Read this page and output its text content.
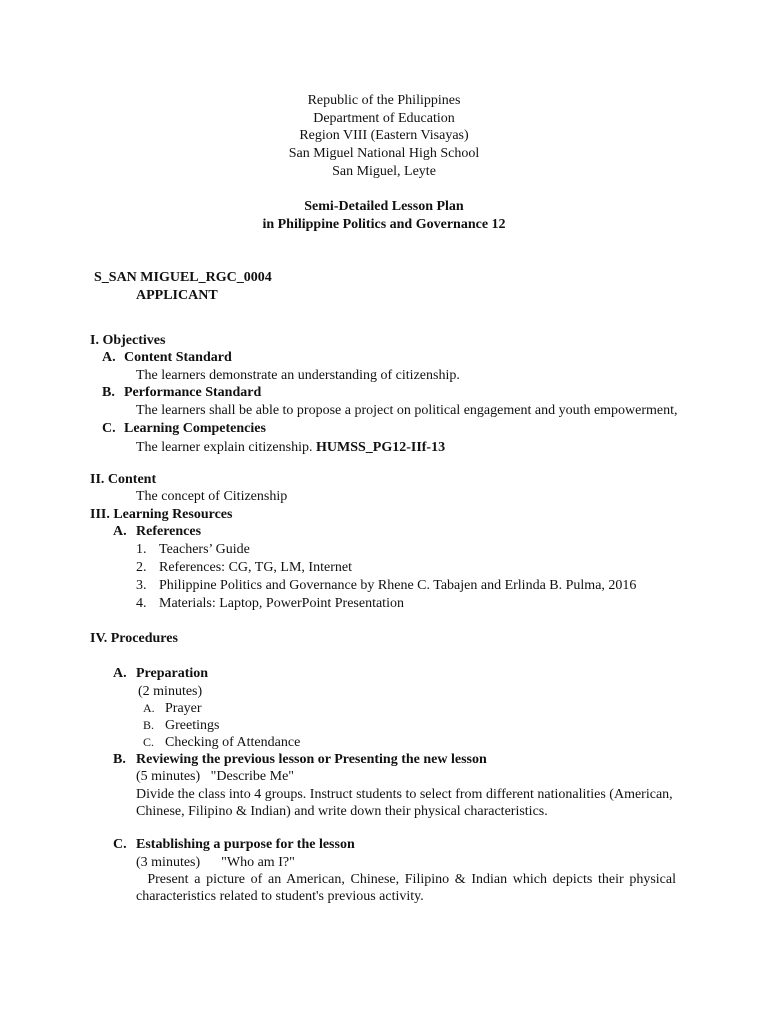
Republic of the Philippines
Department of Education
Region VIII (Eastern Visayas)
San Miguel National High School
San Miguel, Leyte
Semi-Detailed Lesson Plan
in Philippine Politics and Governance 12
S_SAN MIGUEL_RGC_0004
APPLICANT
I. Objectives
A. Content Standard
The learners demonstrate an understanding of citizenship.
B. Performance Standard
The learners shall be able to propose a project on political engagement and youth empowerment,
C. Learning Competencies
The learner explain citizenship. HUMSS_PG12-IIf-13
II. Content
The concept of Citizenship
III. Learning Resources
A. References
1. Teachers’ Guide
2. References: CG, TG, LM, Internet
3. Philippine Politics and Governance by Rhene C. Tabajen and Erlinda B. Pulma, 2016
4. Materials: Laptop, PowerPoint Presentation
IV. Procedures
A. Preparation
(2 minutes)
A. Prayer
B. Greetings
C. Checking of Attendance
B. Reviewing the previous lesson or Presenting the new lesson
(5 minutes)   "Describe Me"
Divide the class into 4 groups. Instruct students to select from different nationalities (American,
Chinese, Filipino & Indian) and write down their physical characteristics.
C. Establishing a purpose for the lesson
(3 minutes)      "Who am I?"
Present a picture of an American, Chinese, Filipino & Indian which depicts their physical characteristics related to student's previous activity.
